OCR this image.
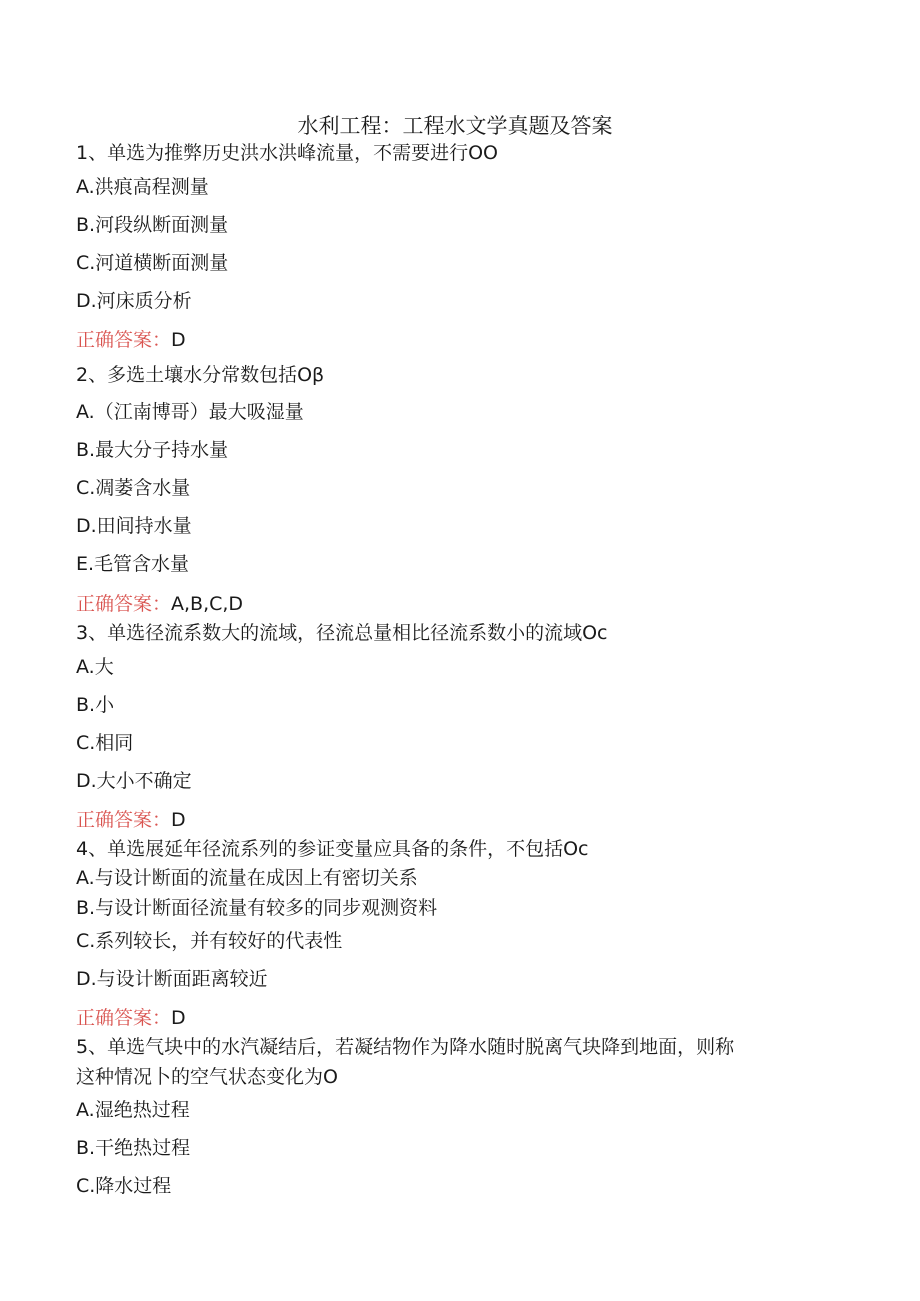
水利工程：工程水文学真题及答案
1、单选为推弊历史洪水洪峰流量，不需要进行OO
A.洪痕高程测量
B.河段纵断面测量
C.河道横断面测量
D.河床质分析
正确答案：D
2、多选土壤水分常数包括Oβ
A.（江南博哥）最大吸湿量
B.最大分子持水量
C.凋萎含水量
D.田间持水量
E.毛管含水量
正确答案：A,B,C,D
3、单选径流系数大的流域，径流总量相比径流系数小的流域Oc
A.大
B.小
C.相同
D.大小不确定
正确答案：D
4、单选展延年径流系列的参证变量应具备的条件，不包括Oc
A.与设计断面的流量在成因上有密切关系
B.与设计断面径流量有较多的同步观测资料
C.系列较长，并有较好的代表性
D.与设计断面距离较近
正确答案：D
5、单选气块中的水汽凝结后，若凝结物作为降水随时脱离气块降到地面，则称
这种情况卜的空气状态变化为O
A.湿绝热过程
B.干绝热过程
C.降水过程
